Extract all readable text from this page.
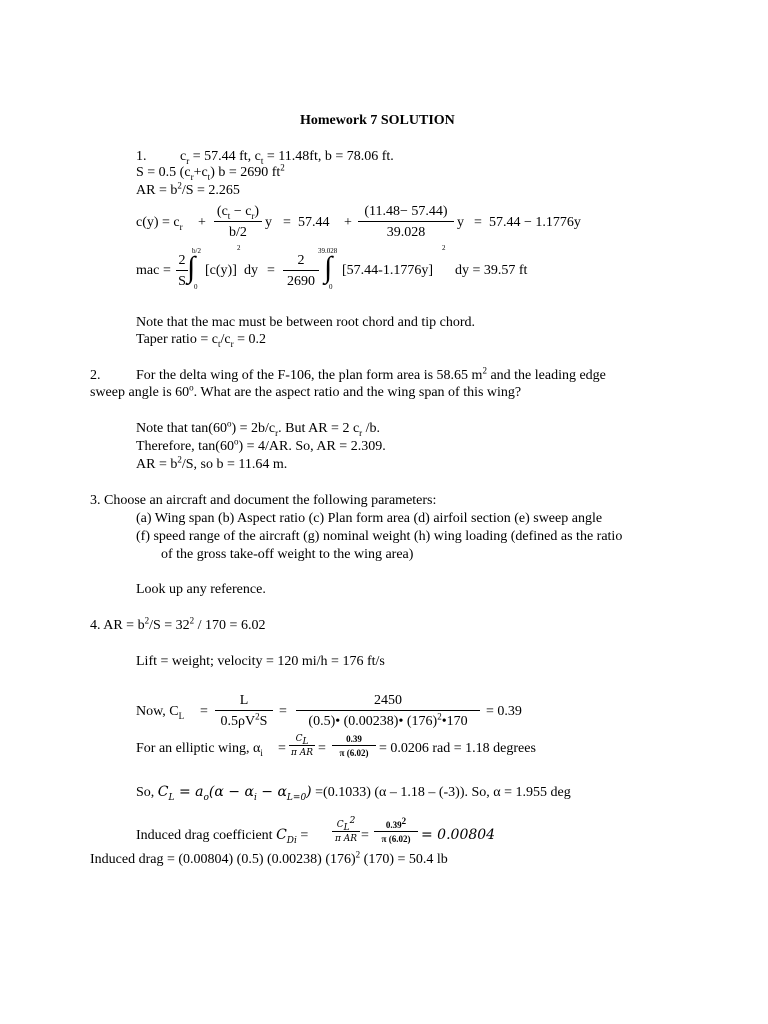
Homework 7 SOLUTION
1. $c_r = 57.44$ ft, $c_t = 11.48ft$, b = 78.06 ft.
S = 0.5 $(c_r+c_t) b = 2690$ $ft^2$
AR = $b^2/S = 2.265$
$c(y) = c_r$ +
$(c_t - c_r)$
b/2
y = 57.44 +
(11.48− 57.44)
39.028
y = 57.44 − 1.1776y
mac =
2
S
b/2
∫
0
[c(y)]
2
dy =
2
2690
39.028
∫
0
[57.44-1.1776y]
2
dy = 39.57 ft
Note that the mac must be between root chord and tip chord.
Taper ratio = $c_t/c_r = 0.2$
2.	For the delta wing of the F-106, the plan form area is 58.65 $m^2$ and the leading edge
sweep angle is 60$^o$. What are the aspect ratio and the wing span of this wing?
Note that $\tan(60^o) = 2b/c_r$. But AR = 2 $c_r$ /b.
Therefore, $\tan(60^o) = 4/AR$. So, AR = 2.309.
AR = $b^2/S$, so b = 11.64 m.
3. Choose an aircraft and document the following parameters:
(a) Wing span (b) Aspect ratio (c) Plan form area (d) airfoil section (e) sweep angle
(f) speed range of the aircraft (g) nominal weight (h) wing loading (defined as the ratio
of the gross take-off weight to the wing area)
Look up any reference.
4. AR = $b^2/S = 32^2 / 170 = 6.02$
Lift = weight; velocity = 120 mi/h = 176 ft/s
Now, $C_L$ =
L
$0.5\rho V^2S$
=
2450
(0.5)• (0.00238)• $(176)^2•170$
= 0.39
For an elliptic wing, $\alpha_i$ =
$C_L$
π AR =
0.39
π (6.02) = 0.0206 rad = 1.18 degrees
So, $C_L = a_o(\alpha - \alpha_i - \alpha_{L=0}) =(0.1033)$ (α – 1.18 – (-3)). So, α = 1.955 deg
Induced drag coefficient $C_{Di}$ =
$C_L^2$
π AR =
$0.39^2$
π (6.02) = 0.00804
Induced drag = (0.00804) (0.5) (0.00238) $(176)^2$ (170) = 50.4 lb
